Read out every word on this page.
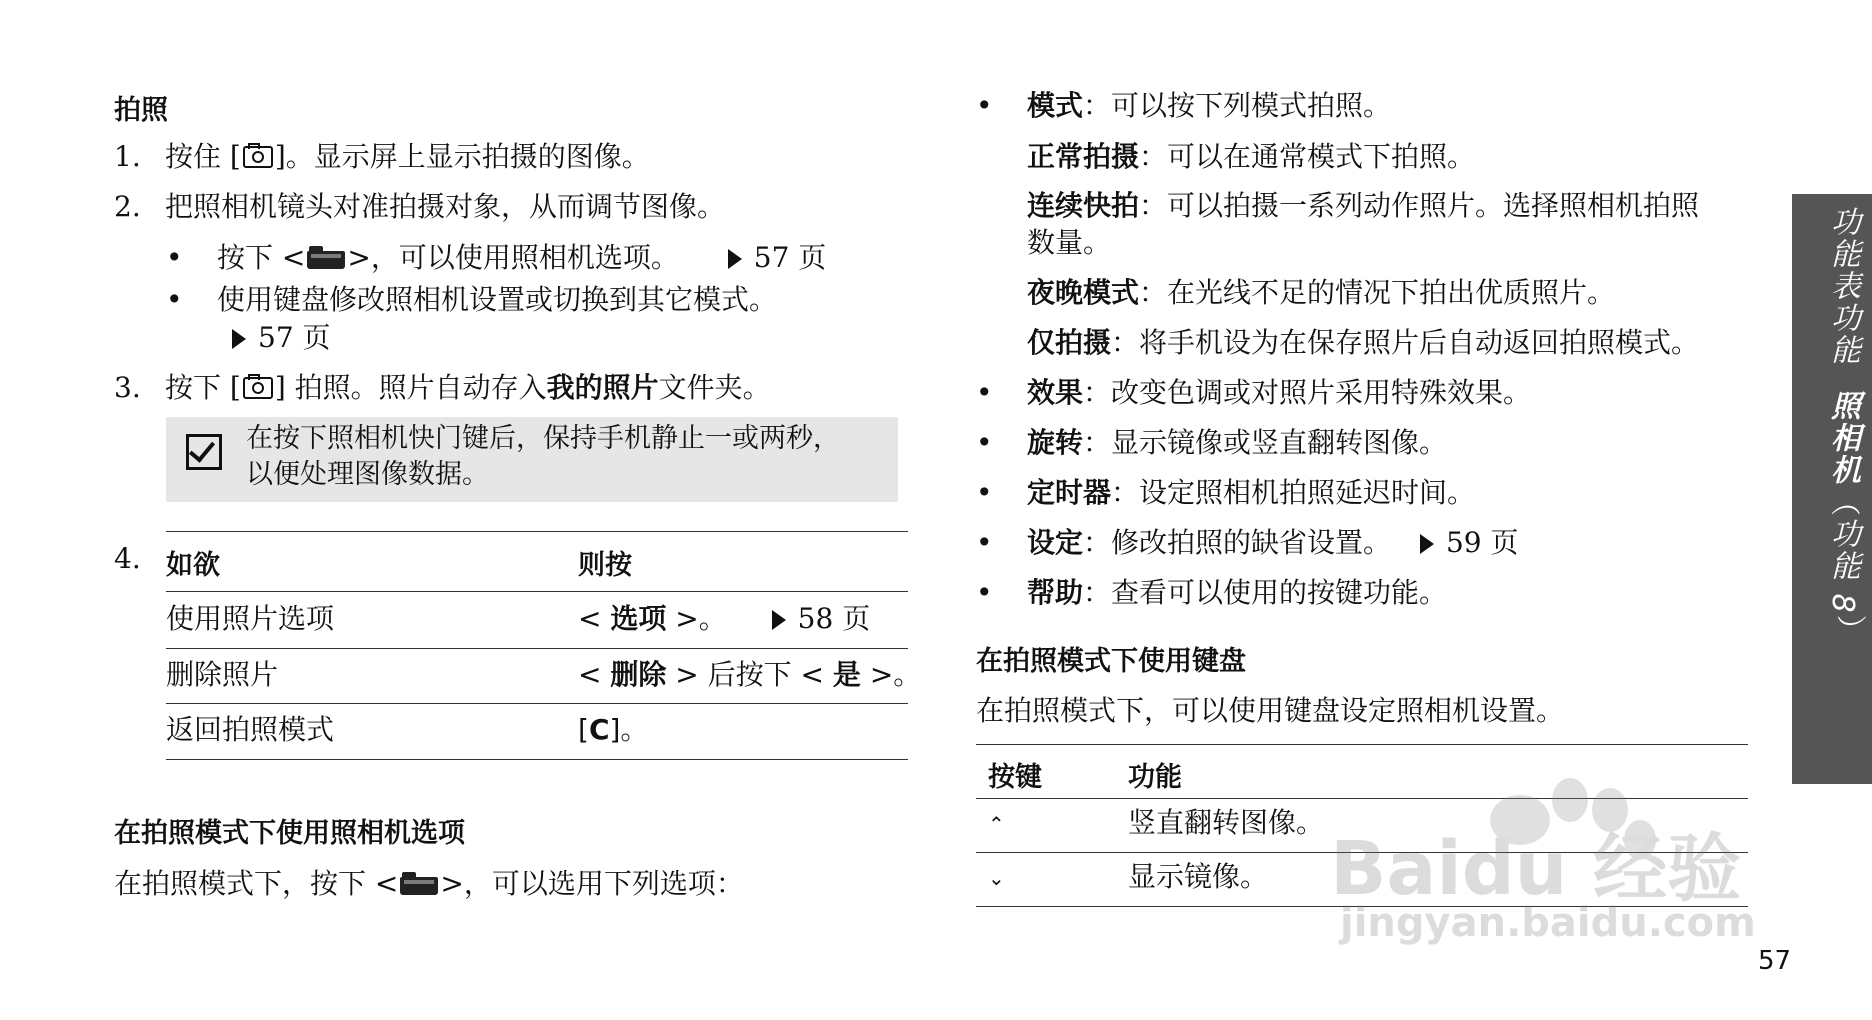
拍照
1. 按住 [ ]。显示屏上显示拍摄的图像。
2. 把照相机镜头对准拍摄对象，从而调节图像。
• 按下 < >，可以使用照相机选项。	57 页
• 使用键盘修改照相机设置或切换到其它模式。
57 页
3. 按下 [ ] 拍照。照片自动存入我的照片文件夹。
在按下照相机快门键后，保持手机静止一或两秒，
以便处理图像数据。
4. 如欲	则按
使用照片选项	< 选项 >。	58 页
删除照片	< 删除 > 后按下 < 是 >。
返回拍照模式	[C]。
在拍照模式下使用照相机选项
在拍照模式下，按下 < >，可以选用下列选项：
• 模式：可以按下列模式拍照。
正常拍摄：可以在通常模式下拍照。
连续快拍：可以拍摄一系列动作照片。选择照相机拍照
数量。
夜晚模式：在光线不足的情况下拍出优质照片。
仅拍摄：将手机设为在保存照片后自动返回拍照模式。
• 效果：改变色调或对照片采用特殊效果。
• 旋转：显示镜像或竖直翻转图像。
• 定时器：设定照相机拍照延迟时间。
• 设定：修改拍照的缺省设置。 59 页
• 帮助：查看可以使用的按键功能。
在拍照模式下使用键盘
在拍照模式下，可以使用键盘设定照相机设置。
按键	功能
⌃	竖直翻转图像。
⌄	显示镜像。 Baidu 经验
jingyan.baidu.com
功能表功能照相机（功能 8）
57
